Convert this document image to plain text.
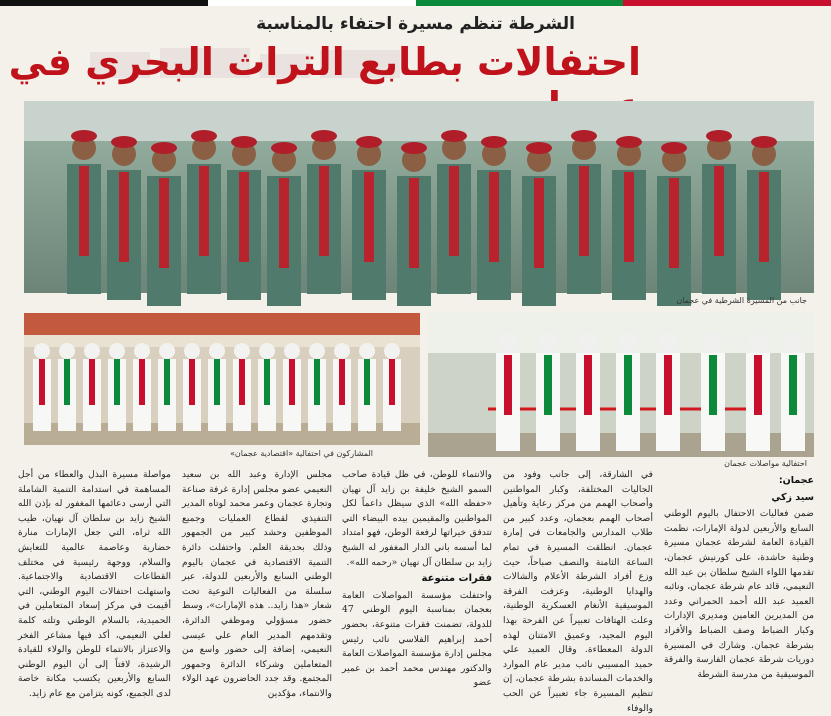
الشرطة تنظم مسيرة احتفاء بالمناسبة
احتفالات بطابع التراث البحري في
جانب من المسيرة الشرطية في عجمان
المشاركون في احتفالية «اقتصادية عجمان»
احتفالية مواصلات عجمان
عجمان:
سيد زكي

ضمن فعاليات الاحتفال باليوم الوطني السابع والأربعين لدولة الإمارات، نظمت القيادة العامة لشرطة عجمان مسيرة وطنية حاشدة، على كورنيش عجمان، تقدمها اللواء الشيخ سلطان بن عبد الله النعيمي، قائد عام شرطة عجمان، ونائبه العميد عبد الله أحمد الحمراني وعدد من المديرين العامين ومديري الإدارات وكبار الضباط وصف الضباط والأفراد بشرطة عجمان. وشارك في المسيرة دوريات شرطة عجمان الفارسة والفرقة الموسيقية من مدرسة الشرطة

في الشارقة، إلى جانب وفود من الجاليات المختلفة، وكبار المواطنين وأصحاب الهمم من مركز رعاية وتأهيل أصحاب الهمم بعجمان، وعدد كبير من طلاب المدارس والجامعات في إمارة عجمان. انطلقت المسيرة في تمام الساعة الثامنة والنصف صباحاً، حيث وزع أفراد الشرطة الأعلام والشالات والهدايا الوطنية، وعزفت الفرقة الموسيقية الأنغام العسكرية الوطنية، وعلت الهتافات تعبيراً عن الفرحة بهذا اليوم المجيد، وعميق الامتنان لهذه الدولة المعطاءة. وقال العميد علي حميد المسيبي نائب مدير عام الموارد والخدمات المساندة بشرطة عجمان، إن تنظيم المسيرة جاء تعبيراً عن الحب والوفاء

والانتماء للوطن، في ظل قيادة صاحب السمو الشيخ خليفة بن زايد آل نهيان «حفظه الله» الذي سيظل داعماً لكل المواطنين والمقيمين بيده البيضاء التي تتدفق خيراتها لرفعة الوطن، فهو امتداد لما أسسه باني الدار المغفور له الشيخ زايد بن سلطان آل نهيان «رحمه الله».

فقرات متنوعة

واحتفلت مؤسسة المواصلات العامة بعجمان بمناسبة اليوم الوطني 47 للدولة، تضمنت فقرات متنوعة، بحضور أحمد إبراهيم الفلاسي نائب رئيس مجلس إدارة مؤسسة المواصلات العامة والدكتور مهندس محمد أحمد بن عمير عضو

مجلس الإدارة وعبد الله بن سعيد النعيمي عضو مجلس إدارة غرفة صناعة وتجارة عجمان وعمر محمد لوتاه المدير التنفيذي لقطاع العمليات وجميع الموظفين وحشد كبير من الجمهور وذلك بحديقة العلم. واحتفلت دائرة التنمية الاقتصادية في عجمان باليوم الوطني السابع والأربعين للدولة، عبر سلسلة من الفعاليات النوعية تحت شعار «هذا زايد.. هذه الإمارات»، وسط حضور مسؤولي وموظفي الدائرة، وتقدمهم المدير العام علي عيسى النعيمي، إضافة إلى حضور واسع من المتعاملين وشركاء الدائرة وجمهور المجتمع. وقد جدد الحاضرون عهد الولاء والانتماء، مؤكدين

مواصلة مسيرة البذل والعطاء من أجل المساهمة في استدامة التنمية الشاملة التي أرسى دعائمها المغفور له بإذن الله الشيخ زايد بن سلطان آل نهيان، طيب الله ثراه، التي جعل الإمارات منارة حضارية وعاصمة عالمية للتعايش والسلام، ووجهة رئيسية في مختلف القطاعات الاقتصادية والاجتماعية. واستهلت احتفالات اليوم الوطني، التي أقيمت في مركز إسعاد المتعاملين في الحميدية، بالسلام الوطني وتلته كلمة لعلي النعيمي، أكد فيها مشاعر الفخر والاعتزاز بالانتماء للوطن والولاء للقيادة الرشيدة، لافتاً إلى أن اليوم الوطني السابع والأربعين يكتسب مكانة خاصة لدى الجميع، كونه يتزامن مع عام زايد.
